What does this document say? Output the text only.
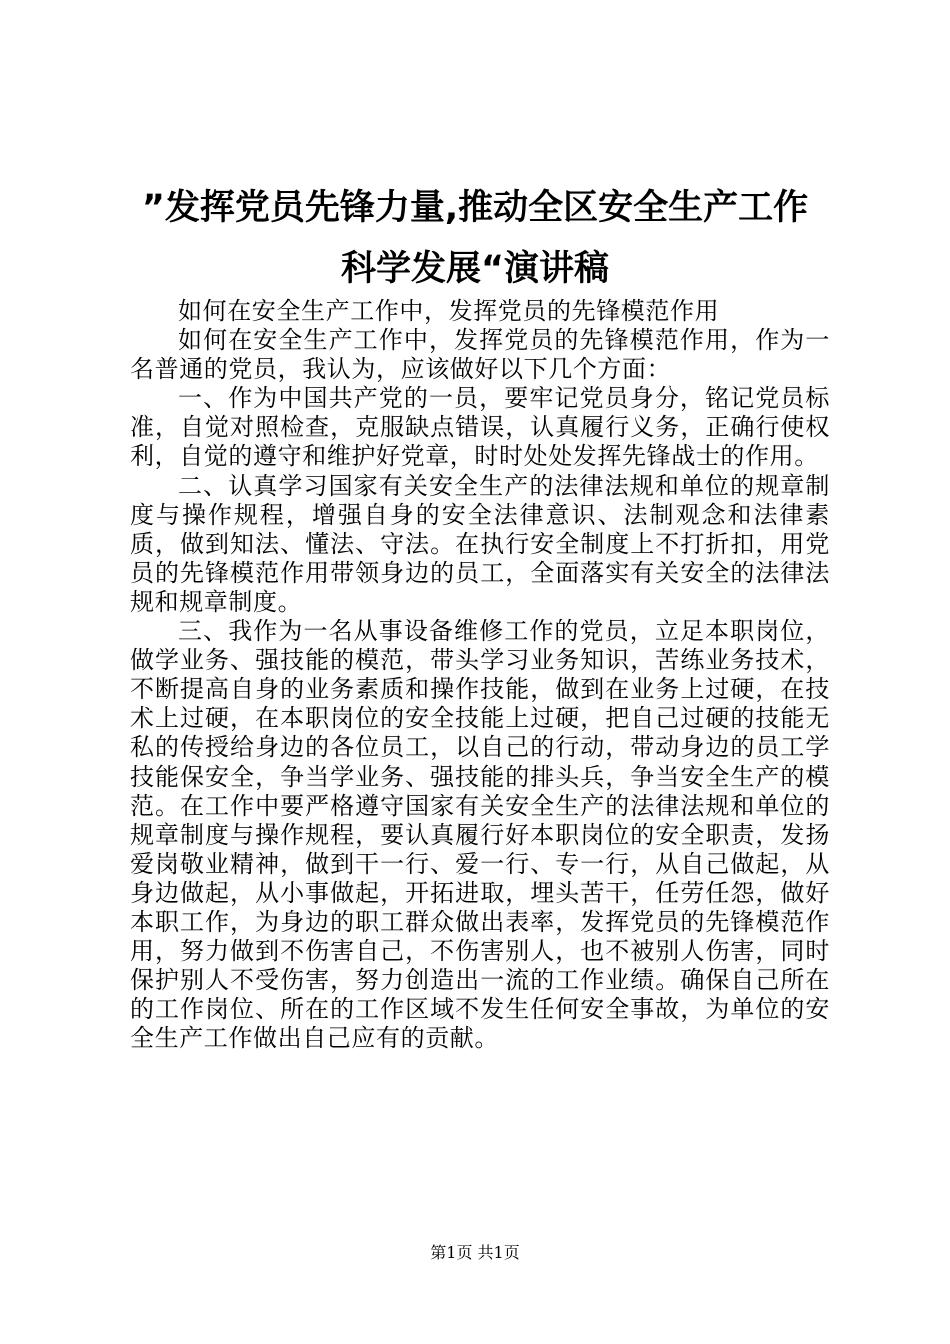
”发挥党员先锋力量,推动全区安全生产工作
科学发展“演讲稿

如何在安全生产工作中，发挥党员的先锋模范作用

如何在安全生产工作中，发挥党员的先锋模范作用，作为一名普通的党员，我认为，应该做好以下几个方面：

一、作为中国共产党的一员，要牢记党员身分，铭记党员标准，自觉对照检查，克服缺点错误，认真履行义务，正确行使权利，自觉的遵守和维护好党章，时时处处发挥先锋战士的作用。

二、认真学习国家有关安全生产的法律法规和单位的规章制度与操作规程，增强自身的安全法律意识、法制观念和法律素质，做到知法、懂法、守法。在执行安全制度上不打折扣，用党员的先锋模范作用带领身边的员工，全面落实有关安全的法律法规和规章制度。

三、我作为一名从事设备维修工作的党员，立足本职岗位，做学业务、强技能的模范，带头学习业务知识，苦练业务技术，不断提高自身的业务素质和操作技能，做到在业务上过硬，在技术上过硬，在本职岗位的安全技能上过硬，把自己过硬的技能无私的传授给身边的各位员工，以自己的行动，带动身边的员工学技能保安全，争当学业务、强技能的排头兵，争当安全生产的模范。在工作中要严格遵守国家有关安全生产的法律法规和单位的规章制度与操作规程，要认真履行好本职岗位的安全职责，发扬爱岗敬业精神，做到干一行、爱一行、专一行，从自己做起，从身边做起，从小事做起，开拓进取，埋头苦干，任劳任怨，做好本职工作，为身边的职工群众做出表率，发挥党员的先锋模范作用，努力做到不伤害自己，不伤害别人，也不被别人伤害，同时保护别人不受伤害，努力创造出一流的工作业绩。确保自己所在的工作岗位、所在的工作区域不发生任何安全事故，为单位的安全生产工作做出自己应有的贡献。

第1页 共1页
